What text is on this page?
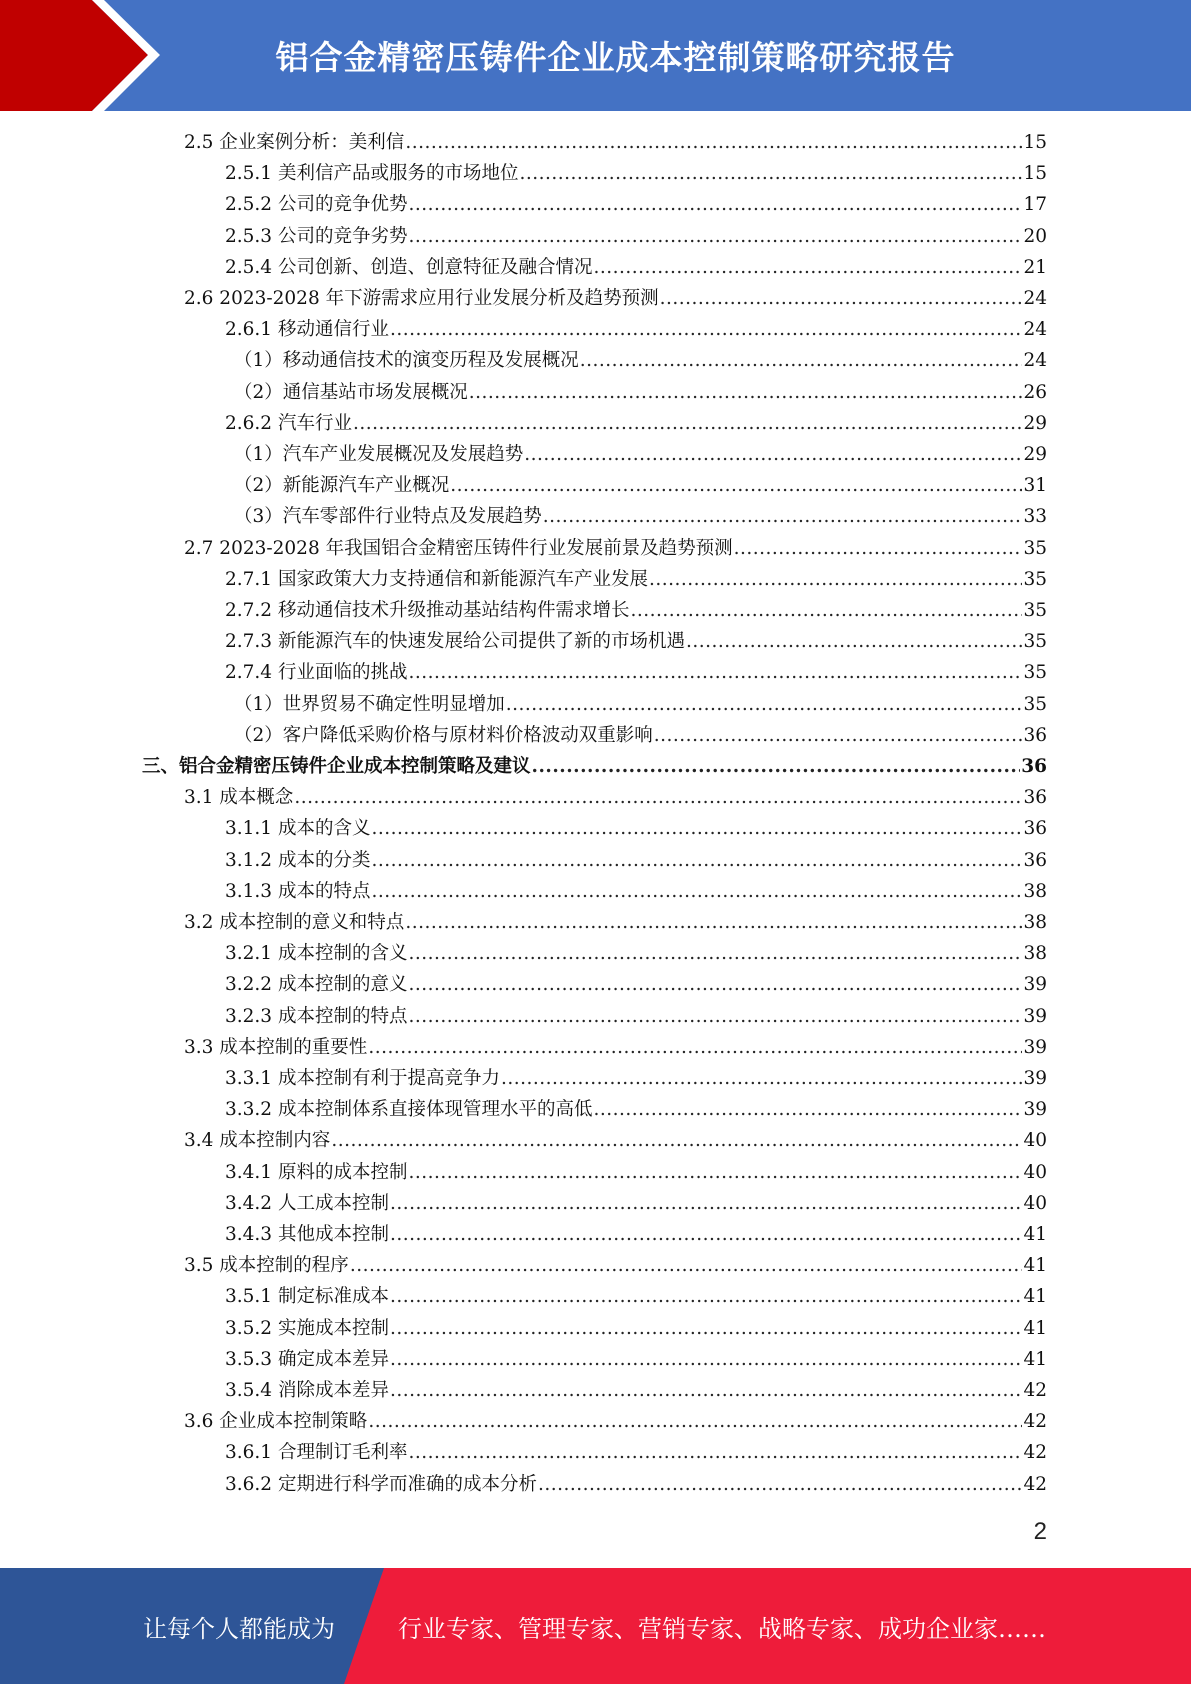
铝合金精密压铸件企业成本控制策略研究报告
2.5 企业案例分析：美利信 .....	15
2.5.1 美利信产品或服务的市场地位 .....	15
2.5.2 公司的竞争优势 .....	17
2.5.3 公司的竞争劣势 .....	20
2.5.4 公司创新、创造、创意特征及融合情况 .....	21
2.6 2023-2028 年下游需求应用行业发展分析及趋势预测 .....	24
2.6.1 移动通信行业 .....	24
（1）移动通信技术的演变历程及发展概况 .....	24
（2）通信基站市场发展概况 .....	26
2.6.2 汽车行业 .....	29
（1）汽车产业发展概况及发展趋势 .....	29
（2）新能源汽车产业概况 .....	31
（3）汽车零部件行业特点及发展趋势 .....	33
2.7 2023-2028 年我国铝合金精密压铸件行业发展前景及趋势预测 .....	35
2.7.1 国家政策大力支持通信和新能源汽车产业发展 .....	35
2.7.2 移动通信技术升级推动基站结构件需求增长 .....	35
2.7.3 新能源汽车的快速发展给公司提供了新的市场机遇 .....	35
2.7.4 行业面临的挑战 .....	35
（1）世界贸易不确定性明显增加 .....	35
（2）客户降低采购价格与原材料价格波动双重影响 .....	36
三、铝合金精密压铸件企业成本控制策略及建议 .....	36
3.1 成本概念 .....	36
3.1.1 成本的含义 .....	36
3.1.2 成本的分类 .....	36
3.1.3 成本的特点 .....	38
3.2 成本控制的意义和特点 .....	38
3.2.1 成本控制的含义 .....	38
3.2.2 成本控制的意义 .....	39
3.2.3 成本控制的特点 .....	39
3.3 成本控制的重要性 .....	39
3.3.1 成本控制有利于提高竞争力 .....	39
3.3.2 成本控制体系直接体现管理水平的高低 .....	39
3.4 成本控制内容 .....	40
3.4.1 原料的成本控制 .....	40
3.4.2 人工成本控制 .....	40
3.4.3 其他成本控制 .....	41
3.5 成本控制的程序 .....	41
3.5.1 制定标准成本 .....	41
3.5.2 实施成本控制 .....	41
3.5.3 确定成本差异 .....	41
3.5.4 消除成本差异 .....	42
3.6 企业成本控制策略 .....	42
3.6.1 合理制订毛利率 .....	42
3.6.2 定期进行科学而准确的成本分析 .....	42
2
让每个人都能成为	行业专家、管理专家、营销专家、战略专家、成功企业家……
